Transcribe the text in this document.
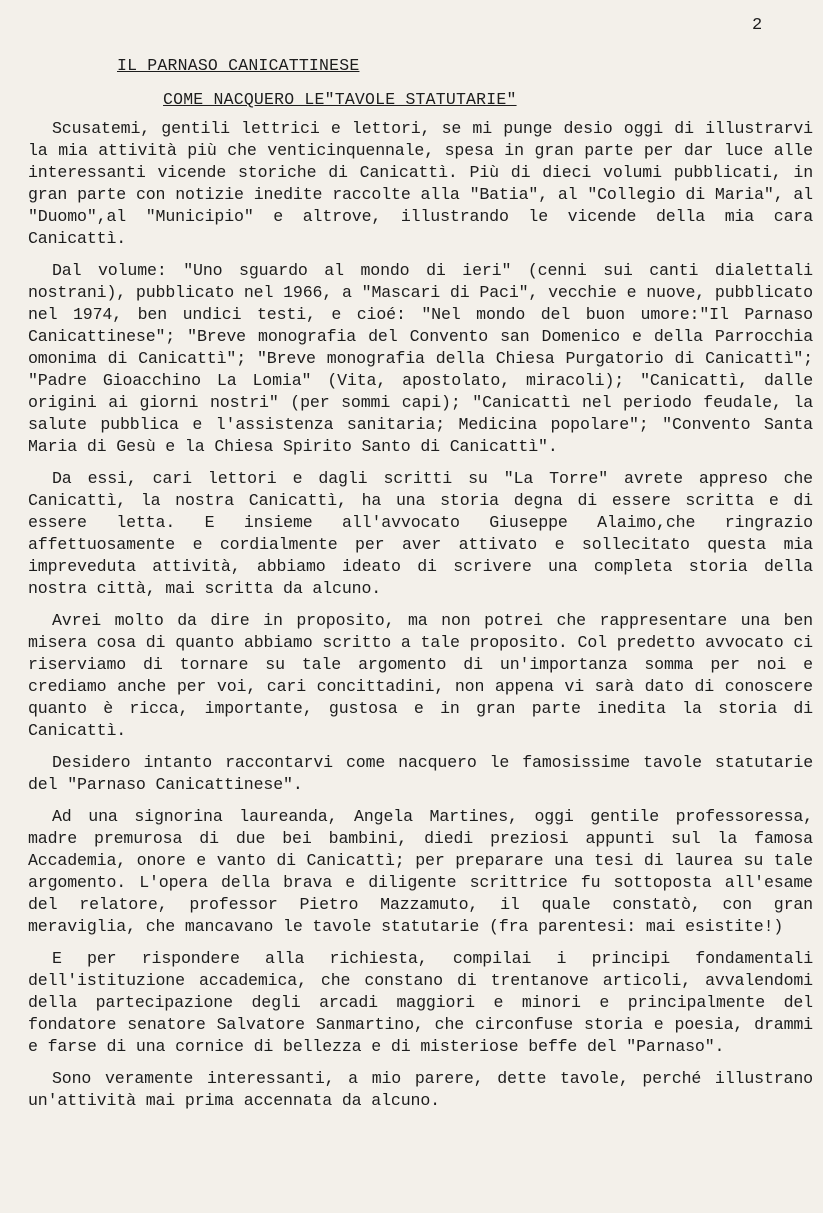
2
IL PARNASO CANICATTINESE
COME NACQUERO LE"TAVOLE STATUTARIE"

Scusatemi, gentili lettrici e lettori, se mi punge desio oggi di illustrarvi la mia attività più che venticinquennale, spesa in gran parte per dar luce alle interessanti vicende storiche di Canicattì. Più di dieci volumi pubblicati, in gran parte con notizie inedite raccolte alla "Batia", al "Collegio di Maria", al "Duomo",al "Municipio" e altrove, illustrando le vicende della mia cara Canicattì.

Dal volume: "Uno sguardo al mondo di ieri" (cenni sui canti dialettali nostrani), pubblicato nel 1966, a "Mascari di Paci", vecchie e nuove, pubblicato nel 1974, ben undici testi, e cioé: "Nel mondo del buon umore:"Il Parnaso Canicattinese"; "Breve monografia del Convento san Domenico e della Parrocchia omonima di Canicattì"; "Breve monografia della Chiesa Purgatorio di Canicattì"; "Padre Gioacchino La Lomia" (Vita, apostolato, miracoli); "Canicattì, dalle origini ai giorni nostri" (per sommi capi); "Canicattì nel periodo feudale, la salute pubblica e l'assistenza sanitaria; Medicina popolare"; "Convento Santa Maria di Gesù e la Chiesa Spirito Santo di Canicattì".

Da essi, cari lettori e dagli scritti su "La Torre" avrete appreso che Canicattì, la nostra Canicattì, ha una storia degna di essere scritta e di essere letta. E insieme all'avvocato Giuseppe Alaimo,che ringrazio affettuosamente e cordialmente per aver attivato e sollecitato questa mia impreveduta attività, abbiamo ideato di scrivere una completa storia della nostra città, mai scritta da alcuno.

Avrei molto da dire in proposito, ma non potrei che rappresentare una ben misera cosa di quanto abbiamo scritto a tale proposito. Col predetto avvocato ci riserviamo di tornare su tale argomento di un'importanza somma per noi e crediamo anche per voi, cari concittadini, non appena vi sarà dato di conoscere quanto è ricca, importante, gustosa e in gran parte inedita la storia di Canicattì.

Desidero intanto raccontarvi come nacquero le famosissime tavole statutarie del "Parnaso Canicattinese".

Ad una signorina laureanda, Angela Martines, oggi gentile professoressa, madre premurosa di due bei bambini, diedi preziosi appunti sul la famosa Accademia, onore e vanto di Canicattì; per preparare una tesi di laurea su tale argomento. L'opera della brava e diligente scrittrice fu sottoposta all'esame del relatore, professor Pietro Mazzamuto, il quale constatò, con gran meraviglia, che mancavano le tavole statutarie (fra parentesi: mai esistite!)

E per rispondere alla richiesta, compilai i principi fondamentali dell'istituzione accademica, che constano di trentanove articoli, avvalendomi della partecipazione degli arcadi maggiori e minori e principalmente del fondatore senatore Salvatore Sanmartino, che circonfuse storia e poesia, drammi e farse di una cornice di bellezza e di misteriose beffe del "Parnaso".

Sono veramente interessanti, a mio parere, dette tavole, perché illustrano un'attività mai prima accennata da alcuno.
